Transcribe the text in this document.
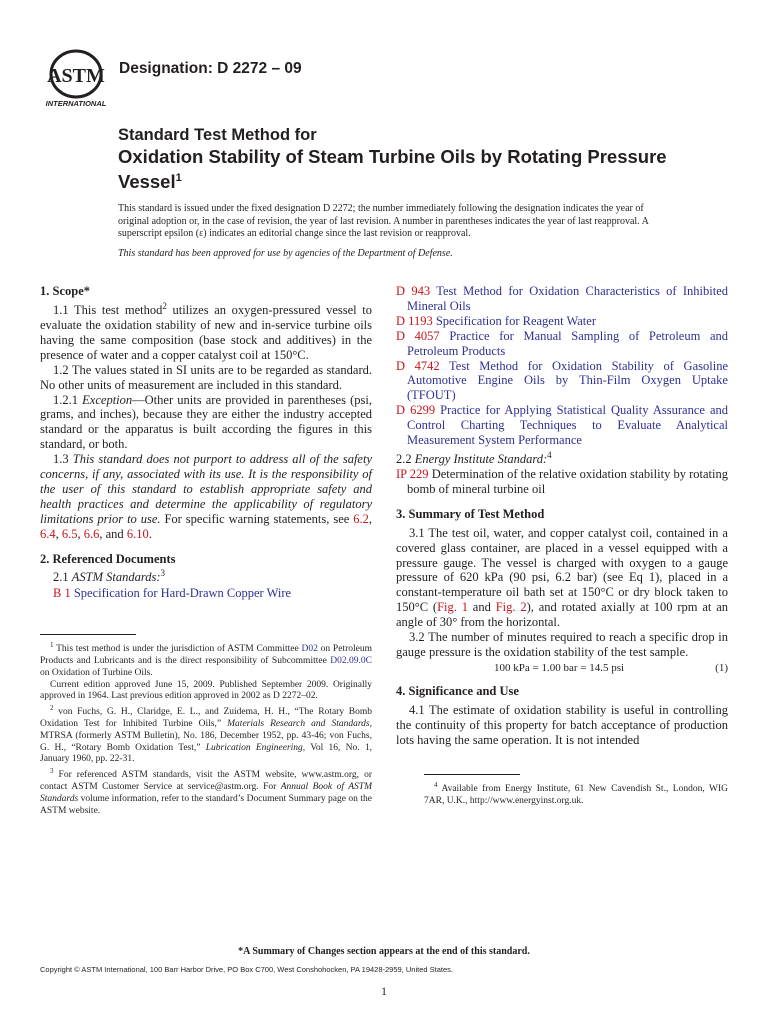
ASTM
INTERNATIONAL
Designation: D 2272 – 09
Standard Test Method for
Oxidation Stability of Steam Turbine Oils by Rotating Pressure Vessel$^1$
This standard is issued under the fixed designation D 2272; the number immediately following the designation indicates the year of original adoption or, in the case of revision, the year of last revision. A number in parentheses indicates the year of last reapproval. A superscript epsilon (ε) indicates an editorial change since the last revision or reapproval.
This standard has been approved for use by agencies of the Department of Defense.

1. Scope*

1.1 This test method$^2$ utilizes an oxygen-pressured vessel to evaluate the oxidation stability of new and in-service turbine oils having the same composition (base stock and additives) in the presence of water and a copper catalyst coil at 150°C.

1.2 The values stated in SI units are to be regarded as standard. No other units of measurement are included in this standard.

1.2.1 Exception—Other units are provided in parentheses (psi, grams, and inches), because they are either the industry accepted standard or the apparatus is built according the figures in this standard, or both.

1.3 This standard does not purport to address all of the safety concerns, if any, associated with its use. It is the responsibility of the user of this standard to establish appropriate safety and health practices and determine the applicability of regulatory limitations prior to use. For specific warning statements, see 6.2, 6.4, 6.5, 6.6, and 6.10.

2. Referenced Documents

2.1 ASTM Standards:$^3$

B 1 Specification for Hard-Drawn Copper Wire

$^1$ This test method is under the jurisdiction of ASTM Committee D02 on Petroleum Products and Lubricants and is the direct responsibility of Subcommittee D02.09.0C on Oxidation of Turbine Oils.

Current edition approved June 15, 2009. Published September 2009. Originally approved in 1964. Last previous edition approved in 2002 as D 2272–02.

$^2$ von Fuchs, G. H., Claridge, E. L., and Zuidema, H. H., “The Rotary Bomb Oxidation Test for Inhibited Turbine Oils,” Materials Research and Standards, MTRSA (formerly ASTM Bulletin), No. 186, December 1952, pp. 43-46; von Fuchs, G. H., “Rotary Bomb Oxidation Test,” Lubrication Engineering, Vol 16, No. 1, January 1960, pp. 22-31.

$^3$ For referenced ASTM standards, visit the ASTM website, www.astm.org, or contact ASTM Customer Service at service@astm.org. For Annual Book of ASTM Standards volume information, refer to the standard’s Document Summary page on the ASTM website.

D 943 Test Method for Oxidation Characteristics of Inhibited Mineral Oils

D 1193 Specification for Reagent Water

D 4057 Practice for Manual Sampling of Petroleum and Petroleum Products

D 4742 Test Method for Oxidation Stability of Gasoline Automotive Engine Oils by Thin-Film Oxygen Uptake (TFOUT)

D 6299 Practice for Applying Statistical Quality Assurance and Control Charting Techniques to Evaluate Analytical Measurement System Performance

2.2 Energy Institute Standard:$^4$

IP 229 Determination of the relative oxidation stability by rotating bomb of mineral turbine oil

3. Summary of Test Method

3.1 The test oil, water, and copper catalyst coil, contained in a covered glass container, are placed in a vessel equipped with a pressure gauge. The vessel is charged with oxygen to a gauge pressure of 620 kPa (90 psi, 6.2 bar) (see Eq 1), placed in a constant-temperature oil bath set at 150°C or dry block taken to 150°C (Fig. 1 and Fig. 2), and rotated axially at 100 rpm at an angle of 30° from the horizontal.

3.2 The number of minutes required to reach a specific drop in gauge pressure is the oxidation stability of the test sample.

100 kPa = 1.00 bar = 14.5 psi	(1)

4. Significance and Use

4.1 The estimate of oxidation stability is useful in controlling the continuity of this property for batch acceptance of production lots having the same operation. It is not intended

$^4$ Available from Energy Institute, 61 New Cavendish St., London, WIG 7AR, U.K., http://www.energyinst.org.uk.

*A Summary of Changes section appears at the end of this standard.
Copyright © ASTM International, 100 Barr Harbor Drive, PO Box C700, West Conshohocken, PA 19428-2959, United States.
1
